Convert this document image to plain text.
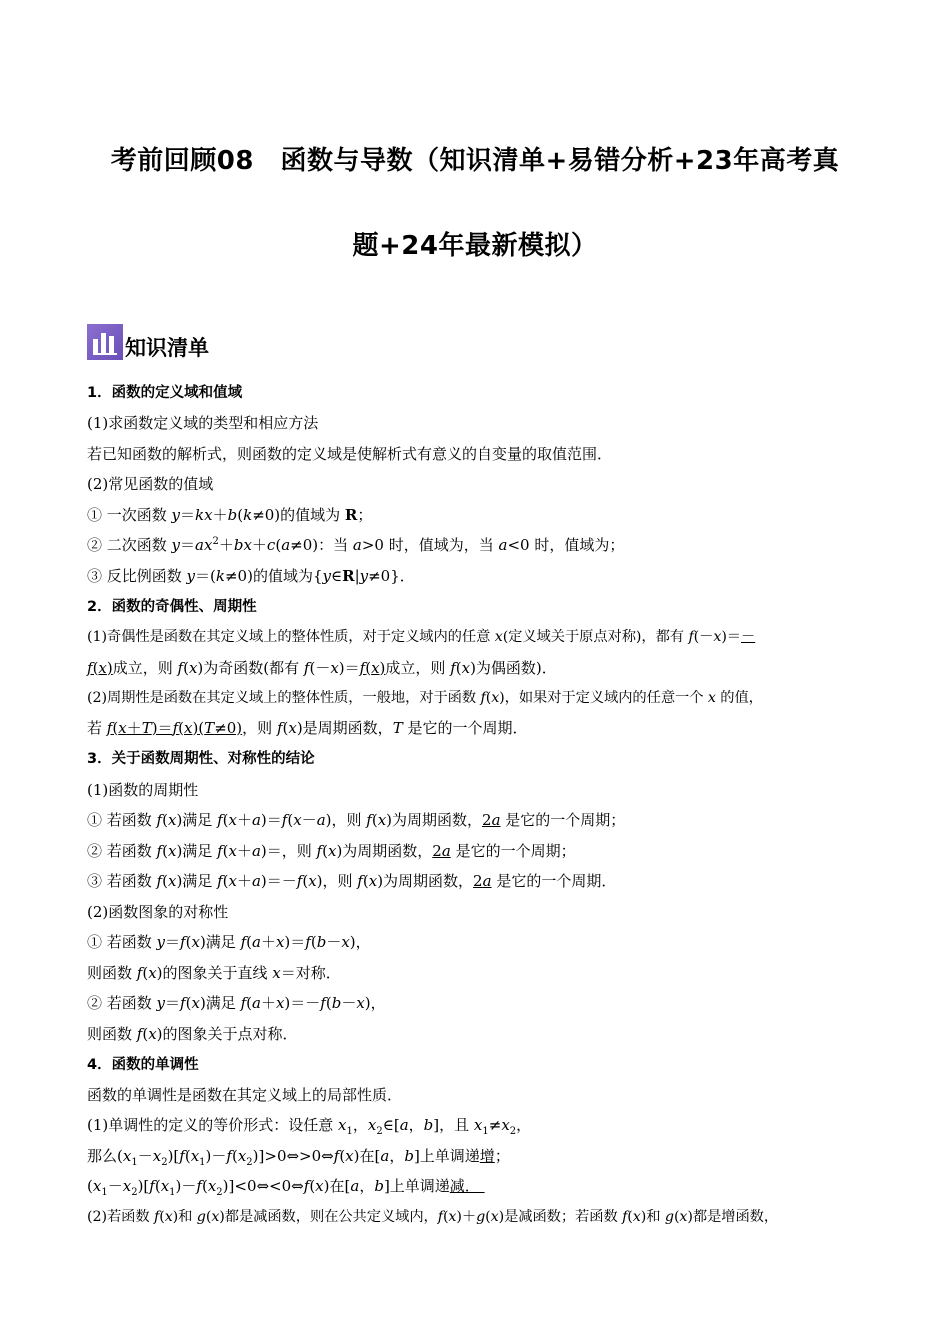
考前回顾08　函数与导数（知识清单+易错分析+23年高考真
题+24年最新模拟）
知识清单
1．函数的定义域和值域
(1)求函数定义域的类型和相应方法
若已知函数的解析式，则函数的定义域是使解析式有意义的自变量的取值范围．
(2)常见函数的值域
① 一次函数 y＝kx＋b(k≠0)的值域为 R；
② 二次函数 $y=ax^2+bx+c(a\ne 0)$：当 a>0 时，值域为，当 a<0 时，值域为；
③ 反比例函数 y＝(k≠0)的值域为{y∈R|y≠0}．
2．函数的奇偶性、周期性
(1)奇偶性是函数在其定义域上的整体性质，对于定义域内的任意 x(定义域关于原点对称)，都有 f(－x)＝－
f(x)成立，则 f(x)为奇函数(都有 f(－x)＝f(x)成立，则 f(x)为偶函数)．
(2)周期性是函数在其定义域上的整体性质，一般地，对于函数 f(x)，如果对于定义域内的任意一个 x 的值，
若 f(x＋T)＝f(x)(T≠0)，则 f(x)是周期函数，T 是它的一个周期．
3．关于函数周期性、对称性的结论
(1)函数的周期性
① 若函数 f(x)满足 f(x＋a)＝f(x－a)，则 f(x)为周期函数，2a 是它的一个周期；
② 若函数 f(x)满足 f(x＋a)＝，则 f(x)为周期函数，2a 是它的一个周期；
③ 若函数 f(x)满足 f(x＋a)＝－f(x)，则 f(x)为周期函数，2a 是它的一个周期．
(2)函数图象的对称性
① 若函数 y＝f(x)满足 f(a＋x)＝f(b－x)，
则函数 f(x)的图象关于直线 x＝对称．
② 若函数 y＝f(x)满足 f(a＋x)＝－f(b－x)，
则函数 f(x)的图象关于点对称．
4．函数的单调性
函数的单调性是函数在其定义域上的局部性质．
(1)单调性的定义的等价形式：设任意 $x_1$，$x_2\in[a$，b]，且 $x_1\ne x_2$，
那么$(x_1-x_2)[f(x_1)-f(x_2)]>0\Leftrightarrow>0\Leftrightarrow f(x)$在[a，b]上单调递增；
$(x_1-x_2)[f(x_1)-f(x_2)]<0\Leftrightarrow<0\Leftrightarrow f(x)$在[a，b]上单调递减．
(2)若函数 f(x)和 g(x)都是减函数，则在公共定义域内，f(x)＋g(x)是减函数；若函数 f(x)和 g(x)都是增函数，
